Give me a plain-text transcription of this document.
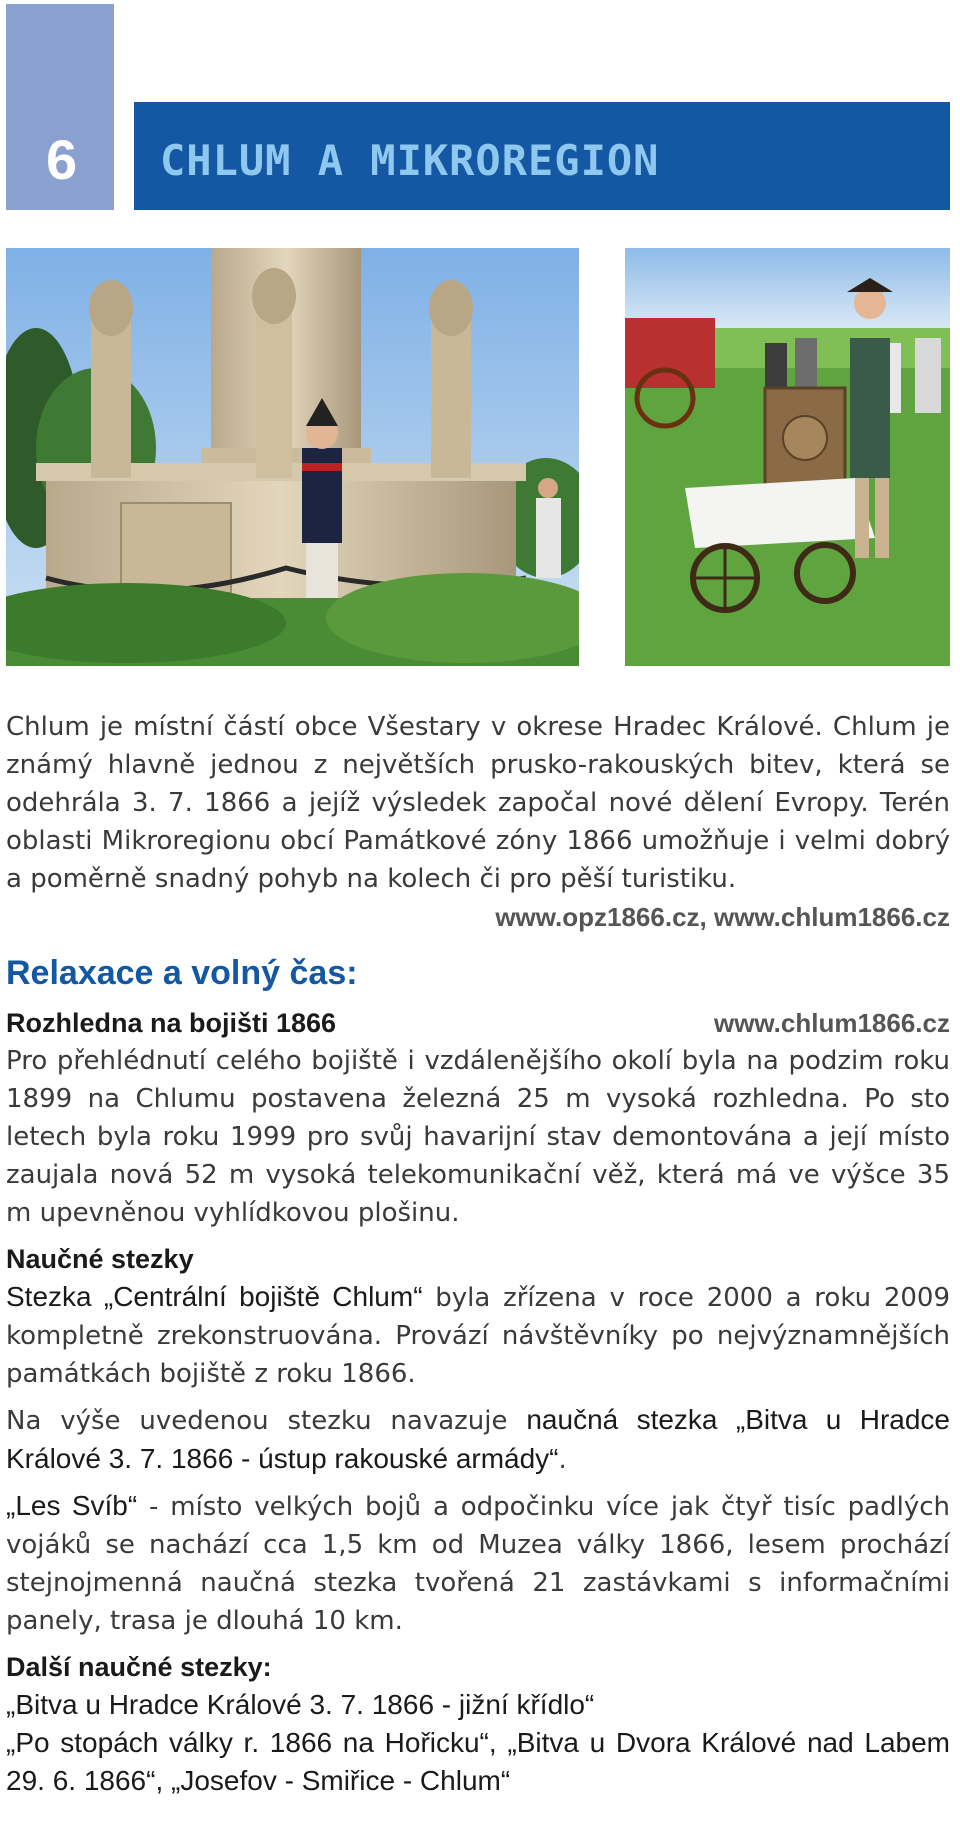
6 CHLUM A MIKROREGION

Chlum je místní částí obce Všestary v okrese Hradec Králové. Chlum je známý hlavně jednou z největších prusko-rakouských bitev, která se odehrála 3. 7. 1866 a jejíž výsledek započal nové dělení Evropy. Terén oblasti Mikroregionu obcí Památkové zóny 1866 umožňuje i velmi dobrý a poměrně snadný pohyb na kolech či pro pěší turistiku.

www.opz1866.cz, www.chlum1866.cz
Relaxace a volný čas:
Rozhledna na bojišti 1866	www.chlum1866.cz

Pro přehlédnutí celého bojiště i vzdálenějšího okolí byla na podzim roku 1899 na Chlumu postavena železná 25 m vysoká rozhledna. Po sto letech byla roku 1999 pro svůj havarijní stav demontována a její místo zaujala nová 52 m vysoká telekomunikační věž, která má ve výšce 35 m upevněnou vyhlídkovou plošinu.

Naučné stezky

Stezka „Centrální bojiště Chlum“ byla zřízena v roce 2000 a roku 2009 kompletně zrekonstruována. Provází návštěvníky po nejvýznamnějších památkách bojiště z roku 1866.

Na výše uvedenou stezku navazuje naučná stezka „Bitva u Hradce Králové 3. 7. 1866 - ústup rakouské armády“.

„Les Svíb“ - místo velkých bojů a odpočinku více jak čtyř tisíc padlých vojáků se nachází cca 1,5 km od Muzea války 1866, lesem prochází stejnojmenná naučná stezka tvořená 21 zastávkami s informačními panely, trasa je dlouhá 10 km.

Další naučné stezky:
„Bitva u Hradce Králové 3. 7. 1866 - jižní křídlo“
„Po stopách války r. 1866 na Hořicku“, „Bitva u Dvora Králové nad Labem 29. 6. 1866“, „Josefov - Smiřice - Chlum“
